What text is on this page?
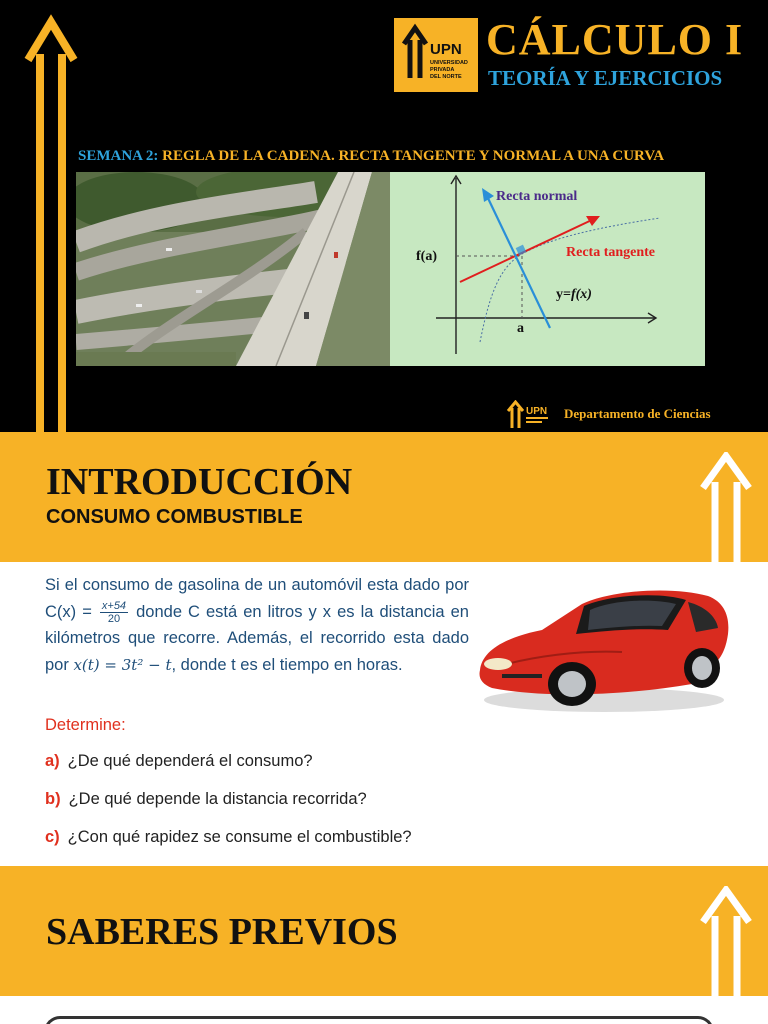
UPN
UNIVERSIDAD
PRIVADA
DEL NORTE
CÁLCULO I
TEORÍA Y EJERCICIOS
SEMANA 2: REGLA DE LA CADENA. RECTA TANGENTE Y NORMAL A UNA CURVA
Recta normal
Recta tangente
f(a)
a
y=f(x)
UPN Departamento de Ciencias
INTRODUCCIÓN
CONSUMO COMBUSTIBLE
Si el consumo de gasolina de un automóvil esta dado por $C(x) = \frac{x+54}{20}$ donde C está en litros y x es la distancia en kilómetros que recorre. Además, el recorrido esta dado por x(t) = 3t² − t, donde t es el tiempo en horas.
Determine:
a) ¿De qué dependerá el consumo?
b) ¿De qué depende la distancia recorrida?
c) ¿Con qué rapidez se consume el combustible?
SABERES PREVIOS
